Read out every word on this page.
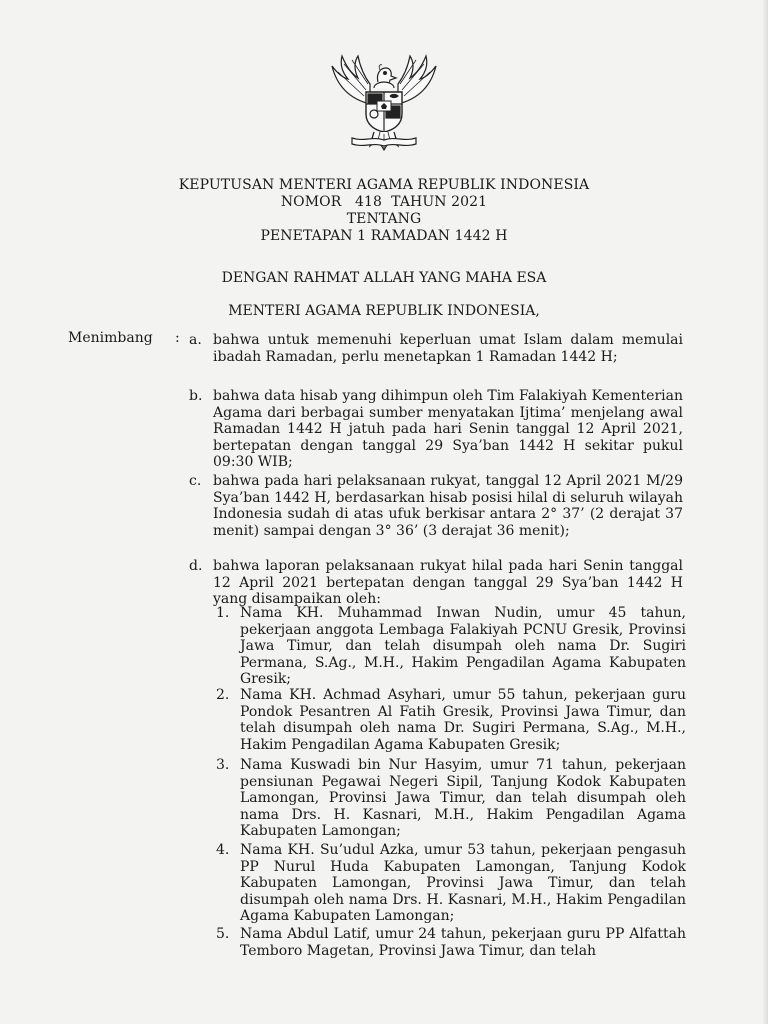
KEPUTUSAN MENTERI AGAMA REPUBLIK INDONESIA
NOMOR   418  TAHUN 2021
TENTANG
PENETAPAN 1 RAMADAN 1442 H
DENGAN RAHMAT ALLAH YANG MAHA ESA
MENTERI AGAMA REPUBLIK INDONESIA,
Menimbang : a. bahwa untuk memenuhi keperluan umat Islam dalam memulai ibadah Ramadan, perlu menetapkan 1 Ramadan 1442 H;
b. bahwa data hisab yang dihimpun oleh Tim Falakiyah Kementerian Agama dari berbagai sumber menyatakan Ijtima’ menjelang awal Ramadan 1442 H jatuh pada hari Senin tanggal 12 April 2021, bertepatan dengan tanggal 29 Sya’ban 1442 H sekitar pukul 09:30 WIB;
c. bahwa pada hari pelaksanaan rukyat, tanggal 12 April 2021 M/29 Sya’ban 1442 H, berdasarkan hisab posisi hilal di seluruh wilayah Indonesia sudah di atas ufuk berkisar antara 2° 37’ (2 derajat 37 menit) sampai dengan 3° 36’ (3 derajat 36 menit);
d. bahwa laporan pelaksanaan rukyat hilal pada hari Senin tanggal 12 April 2021 bertepatan dengan tanggal 29 Sya’ban 1442 H yang disampaikan oleh:
1. Nama KH. Muhammad Inwan Nudin, umur 45 tahun, pekerjaan anggota Lembaga Falakiyah PCNU Gresik, Provinsi Jawa Timur, dan telah disumpah oleh nama Dr. Sugiri Permana, S.Ag., M.H., Hakim Pengadilan Agama Kabupaten Gresik;
2. Nama KH. Achmad Asyhari, umur 55 tahun, pekerjaan guru Pondok Pesantren Al Fatih Gresik, Provinsi Jawa Timur, dan telah disumpah oleh nama Dr. Sugiri Permana, S.Ag., M.H., Hakim Pengadilan Agama Kabupaten Gresik;
3. Nama Kuswadi bin Nur Hasyim, umur 71 tahun, pekerjaan pensiunan Pegawai Negeri Sipil, Tanjung Kodok Kabupaten Lamongan, Provinsi Jawa Timur, dan telah disumpah oleh nama Drs. H. Kasnari, M.H., Hakim Pengadilan Agama Kabupaten Lamongan;
4. Nama KH. Su’udul Azka, umur 53 tahun, pekerjaan pengasuh PP Nurul Huda Kabupaten Lamongan, Tanjung Kodok Kabupaten Lamongan, Provinsi Jawa Timur, dan telah disumpah oleh nama Drs. H. Kasnari, M.H., Hakim Pengadilan Agama Kabupaten Lamongan;
5. Nama Abdul Latif, umur 24 tahun, pekerjaan guru PP Alfattah Temboro Magetan, Provinsi Jawa Timur, dan telah
